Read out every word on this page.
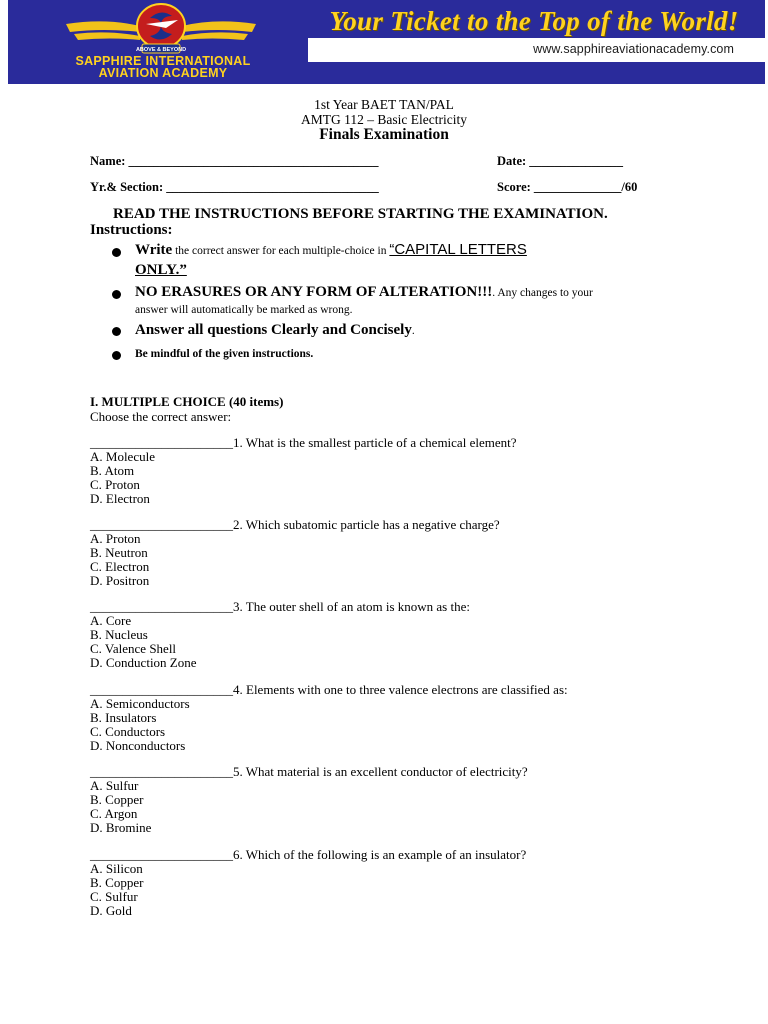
www.sapphireaviationacademy.com
Your Ticket to the Top of the World!
ABOVE & BEYOND
SAPPHIRE INTERNATIONAL
AVIATION ACADEMY
1st Year BAET TAN/PAL
AMTG 112 – Basic Electricity
Finals Examination
Name: ________________________________________	Date: _______________
Yr.& Section: __________________________________	Score: ______________/60
READ THE INSTRUCTIONS BEFORE STARTING THE EXAMINATION.
Instructions:
Write the correct answer for each multiple-choice in “CAPITAL LETTERS
ONLY.”
NO ERASURES OR ANY FORM OF ALTERATION!!!. Any changes to your
answer will automatically be marked as wrong.
Answer all questions Clearly and Concisely.
Be mindful of the given instructions.
I. MULTIPLE CHOICE (40 items)
Choose the correct answer:
______________________1. What is the smallest particle of a chemical element?
A. Molecule
B. Atom
C. Proton
D. Electron
______________________2. Which subatomic particle has a negative charge?
A. Proton
B. Neutron
C. Electron
D. Positron
______________________3. The outer shell of an atom is known as the:
A. Core
B. Nucleus
C. Valence Shell
D. Conduction Zone
______________________4. Elements with one to three valence electrons are classified as:
A. Semiconductors
B. Insulators
C. Conductors
D. Nonconductors
______________________5. What material is an excellent conductor of electricity?
A. Sulfur
B. Copper
C. Argon
D. Bromine
______________________6. Which of the following is an example of an insulator?
A. Silicon
B. Copper
C. Sulfur
D. Gold
